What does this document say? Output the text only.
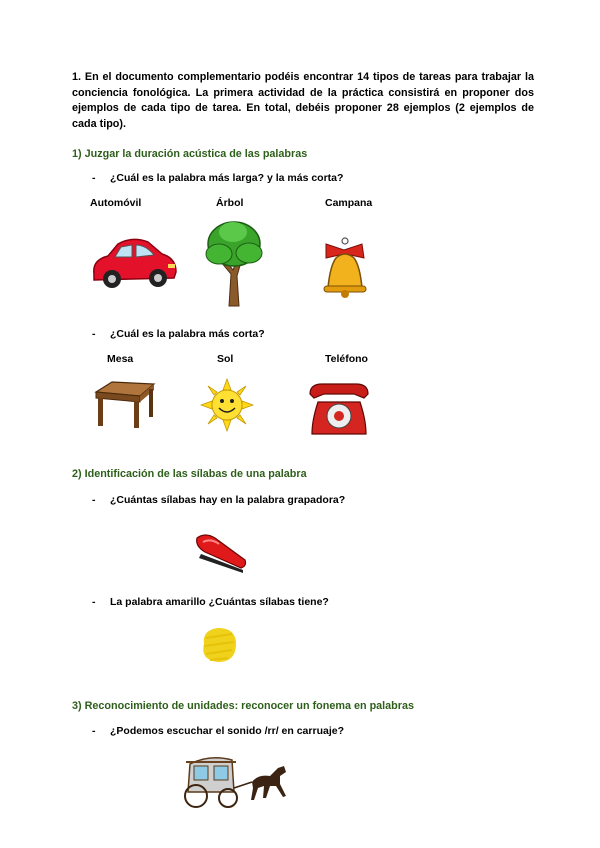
1. En el documento complementario podéis encontrar 14 tipos de tareas para trabajar la conciencia fonológica. La primera actividad de la práctica consistirá en proponer dos ejemplos de cada tipo de tarea. En total, debéis proponer 28 ejemplos (2 ejemplos de cada tipo).
1) Juzgar la duración acústica de las palabras
- ¿Cuál es la palabra más larga? y la más corta?
Automóvil	Árbol	Campana
- ¿Cuál es la palabra más corta?
Mesa	Sol	Teléfono
2) Identificación de las sílabas de una palabra
- ¿Cuántas sílabas hay en la palabra grapadora?
- La palabra amarillo ¿Cuántas sílabas tiene?
3) Reconocimiento de unidades: reconocer un fonema en palabras
- ¿Podemos escuchar el sonido /rr/ en carruaje?
